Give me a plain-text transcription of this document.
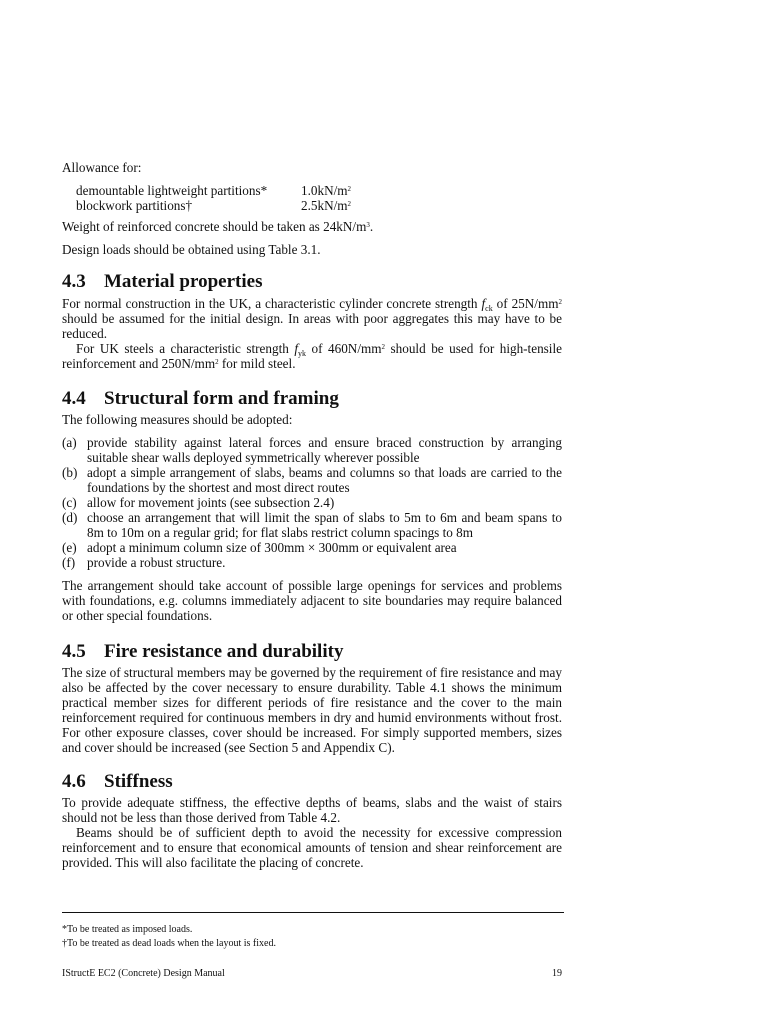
Allowance for:

demountable lightweight partitions*	$1.0kN/m^2$
blockwork partitions†	$2.5kN/m^2$

Weight of reinforced concrete should be taken as $24kN/m^3$.

Design loads should be obtained using Table 3.1.

4.3 Material properties

For normal construction in the UK, a characteristic cylinder concrete strength $f_{ck}$ of $25N/mm^2$ should be assumed for the initial design. In areas with poor aggregates this may have to be reduced.

For UK steels a characteristic strength $f_{yk}$ of $460N/mm^2$ should be used for high-tensile reinforcement and $250N/mm^2$ for mild steel.

4.4 Structural form and framing

The following measures should be adopted:

(a) provide stability against lateral forces and ensure braced construction by arranging suitable shear walls deployed symmetrically wherever possible
(b) adopt a simple arrangement of slabs, beams and columns so that loads are carried to the foundations by the shortest and most direct routes
(c) allow for movement joints (see subsection 2.4)
(d) choose an arrangement that will limit the span of slabs to 5m to 6m and beam spans to 8m to 10m on a regular grid; for flat slabs restrict column spacings to 8m
(e) adopt a minimum column size of 300mm × 300mm or equivalent area
(f) provide a robust structure.

The arrangement should take account of possible large openings for services and problems with foundations, e.g. columns immediately adjacent to site boundaries may require balanced or other special foundations.

4.5 Fire resistance and durability

The size of structural members may be governed by the requirement of fire resistance and may also be affected by the cover necessary to ensure durability. Table 4.1 shows the minimum practical member sizes for different periods of fire resistance and the cover to the main reinforcement required for continuous members in dry and humid environments without frost. For other exposure classes, cover should be increased. For simply supported members, sizes and cover should be increased (see Section 5 and Appendix C).

4.6 Stiffness

To provide adequate stiffness, the effective depths of beams, slabs and the waist of stairs should not be less than those derived from Table 4.2.

Beams should be of sufficient depth to avoid the necessity for excessive compression reinforcement and to ensure that economical amounts of tension and shear reinforcement are provided. This will also facilitate the placing of concrete.

*To be treated as imposed loads.
†To be treated as dead loads when the layout is fixed.
IStructE EC2 (Concrete) Design Manual	19
